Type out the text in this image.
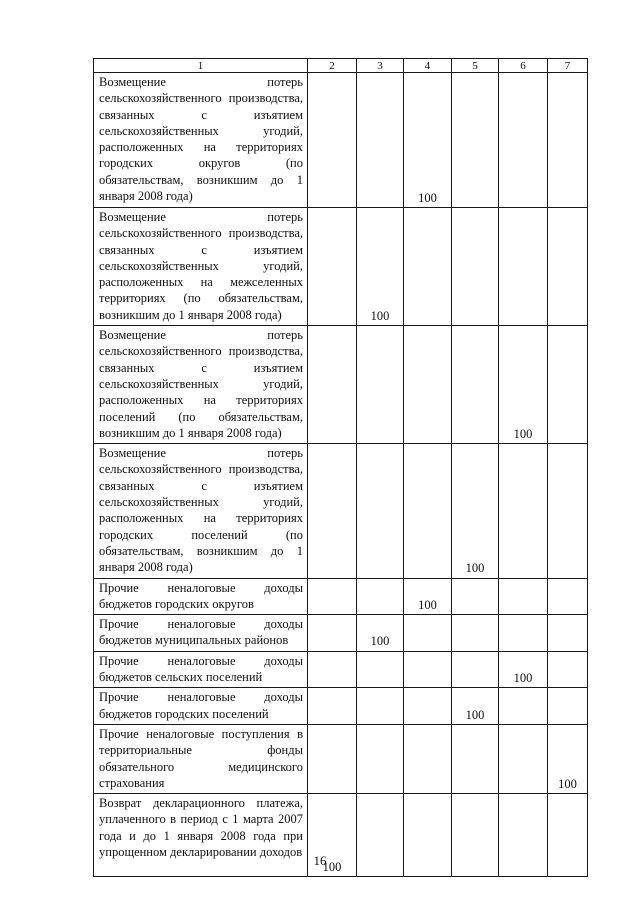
1	2	3	4	5	6	7
Возмещение потерь сельскохозяйственного производства, связанных с изъятием сельскохозяйственных угодий, расположенных на территориях городских округов (по обязательствам, возникшим до 1 января 2008 года)			100			
Возмещение потерь сельскохозяйственного производства, связанных с изъятием сельскохозяйственных угодий, расположенных на межселенных территориях (по обязательствам, возникшим до 1 января 2008 года)		100				
Возмещение потерь сельскохозяйственного производства, связанных с изъятием сельскохозяйственных угодий, расположенных на территориях поселений (по обязательствам, возникшим до 1 января 2008 года)					100	
Возмещение потерь сельскохозяйственного производства, связанных с изъятием сельскохозяйственных угодий, расположенных на территориях городских поселений (по обязательствам, возникшим до 1 января 2008 года)				100		
Прочие неналоговые доходы бюджетов городских округов			100			
Прочие неналоговые доходы бюджетов муниципальных районов		100				
Прочие неналоговые доходы бюджетов сельских поселений					100	
Прочие неналоговые доходы бюджетов городских поселений				100		
Прочие неналоговые поступления в территориальные фонды обязательного медицинского страхования						100
Возврат декларационного платежа, уплаченного в период с 1 марта 2007 года и до 1 января 2008 года при упрощенном декларировании доходов	100					
16
